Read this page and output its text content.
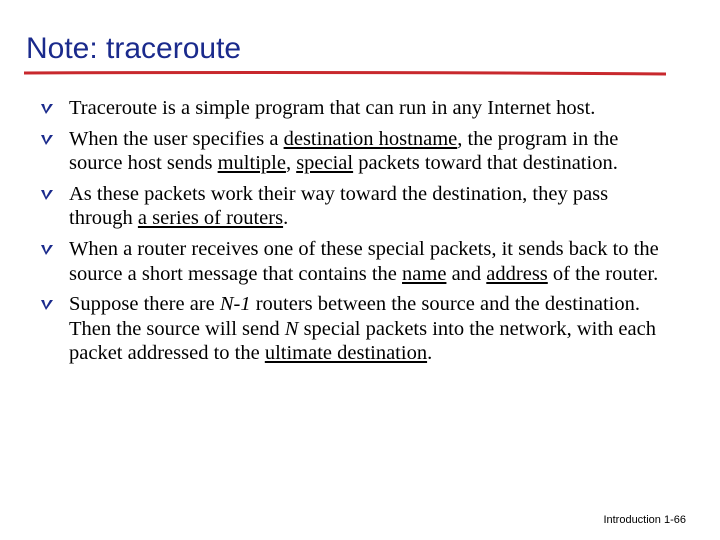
Note: traceroute
Traceroute is a simple program that can run in any Internet host.
When the user specifies a destination hostname, the program in the source host sends multiple, special packets toward that destination.
As these packets work their way toward the destination, they pass through a series of routers.
When a router receives one of these special packets, it sends back to the source a short message that contains the name and address of the router.
Suppose there are N-1 routers between the source and the destination. Then the source will send N special packets into the network, with each packet addressed to the ultimate destination.
Introduction 1-66
